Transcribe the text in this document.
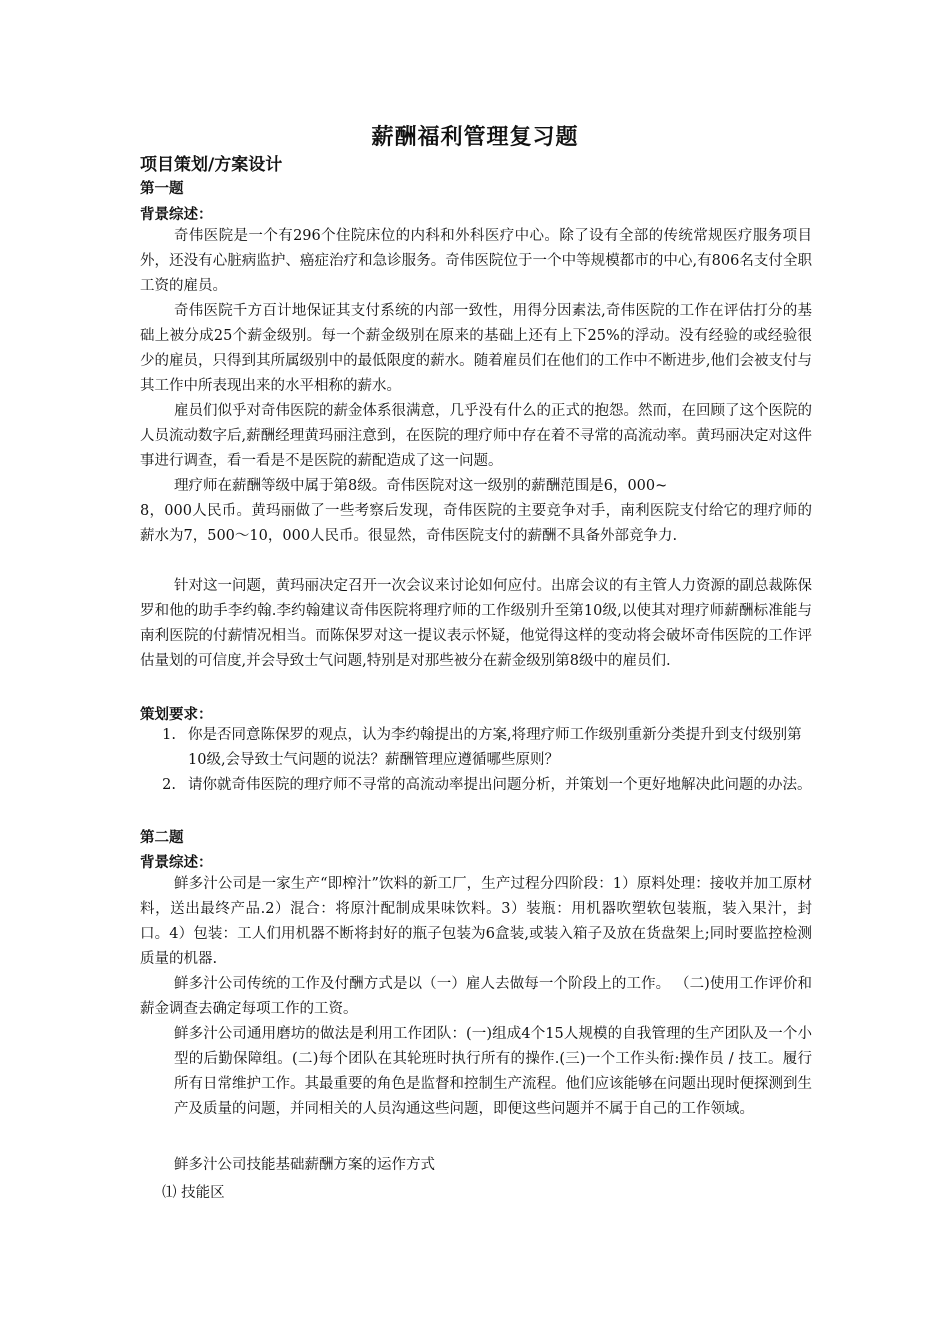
薪酬福利管理复习题
项目策划/方案设计
第一题
背景综述：

奇伟医院是一个有296个住院床位的内科和外科医疗中心。除了设有全部的传统常规医疗服务项目外，还没有心脏病监护、癌症治疗和急诊服务。奇伟医院位于一个中等规模都市的中心,有806名支付全职工资的雇员。

奇伟医院千方百计地保证其支付系统的内部一致性，用得分因素法,奇伟医院的工作在评估打分的基础上被分成25个薪金级别。每一个薪金级别在原来的基础上还有上下25%的浮动。没有经验的或经验很少的雇员，只得到其所属级别中的最低限度的薪水。随着雇员们在他们的工作中不断进步,他们会被支付与其工作中所表现出来的水平相称的薪水。

雇员们似乎对奇伟医院的薪金体系很满意，几乎没有什么的正式的抱怨。然而，在回顾了这个医院的人员流动数字后,薪酬经理黄玛丽注意到，在医院的理疗师中存在着不寻常的高流动率。黄玛丽决定对这件事进行调查，看一看是不是医院的薪配造成了这一问题。

理疗师在薪酬等级中属于第8级。奇伟医院对这一级别的薪酬范围是6，000~

8，000人民币。黄玛丽做了一些考察后发现，奇伟医院的主要竞争对手，南利医院支付给它的理疗师的薪水为7，500～10，000人民币。很显然，奇伟医院支付的薪酬不具备外部竞争力.

针对这一问题，黄玛丽决定召开一次会议来讨论如何应付。出席会议的有主管人力资源的副总裁陈保罗和他的助手李约翰.李约翰建议奇伟医院将理疗师的工作级别升至第10级,以使其对理疗师薪酬标准能与南利医院的付薪情况相当。而陈保罗对这一提议表示怀疑，他觉得这样的变动将会破坏奇伟医院的工作评估量划的可信度,并会导致士气问题,特别是对那些被分在薪金级别第8级中的雇员们.

策划要求：
1. 你是否同意陈保罗的观点，认为李约翰提出的方案,将理疗师工作级别重新分类提升到支付级别第10级,会导致士气问题的说法？薪酬管理应遵循哪些原则？
2. 请你就奇伟医院的理疗师不寻常的高流动率提出问题分析，并策划一个更好地解决此问题的办法。
第二题
背景综述：

鲜多汁公司是一家生产“即榨汁”饮料的新工厂，生产过程分四阶段：1）原料处理：接收并加工原材料，送出最终产品.2）混合：将原汁配制成果味饮料。3）装瓶：用机器吹塑软包装瓶，装入果汁，封口。4）包装：工人们用机器不断将封好的瓶子包装为6盒装,或装入箱子及放在货盘架上;同时要监控检测质量的机器.

鲜多汁公司传统的工作及付酬方式是以（一）雇人去做每一个阶段上的工作。 （二)使用工作评价和薪金调查去确定每项工作的工资。

鲜多汁公司通用磨坊的做法是利用工作团队：(一)组成4个15人规模的自我管理的生产团队及一个小型的后勤保障组。(二)每个团队在其轮班时执行所有的操作.(三)一个工作头衔:操作员 / 技工。履行所有日常维护工作。其最重要的角色是监督和控制生产流程。他们应该能够在问题出现时便探测到生产及质量的问题，并同相关的人员沟通这些问题，即便这些问题并不属于自己的工作领域。

鲜多汁公司技能基础薪酬方案的运作方式
⑴ 技能区
